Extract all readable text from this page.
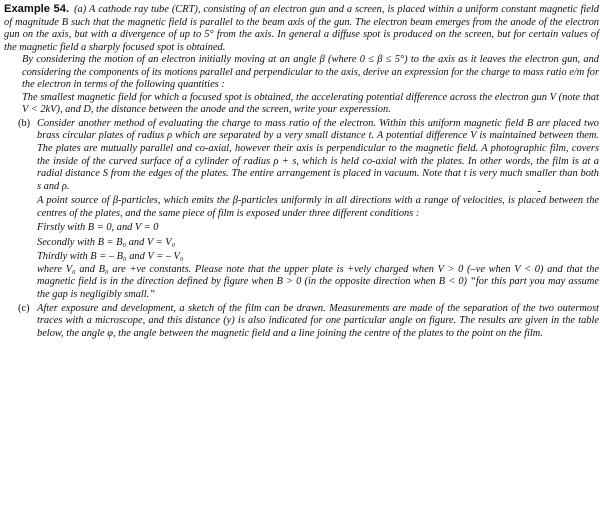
Example 54. (a) A cathode ray tube (CRT), consisting of an electron gun and a screen, is placed within a uniform constant magnetic field of magnitude B such that the magnetic field is parallel to the beam axis of the gun. The electron beam emerges from the anode of the electron gun on the axis, but with a divergence of up to 5° from the axis. In general a diffuse spot is produced on the screen, but for certain values of the magnetic field a sharply focused spot is obtained.

By considering the motion of an electron initially moving at an angle β (where 0 ≤ β ≤ 5°) to the axis as it leaves the electron gun, and considering the components of its motions parallel and perpendicular to the axis, derive an expression for the charge to mass ratio e/m for the electron in terms of the following quantities :

The smallest magnetic field for which a focused spot is obtained, the accelerating potential difference across the electron gun V (note that V < 2kV), and D, the distance between the anode and the screen, write your experession.

-
(b) Consider another method of evaluating the charge to mass ratio of the electron. Within this uniform magnetic field B are placed two brass circular plates of radius ρ which are separated by a very small distance t. A potential difference V is maintained between them. The plates are mutually parallel and co-axial, however their axis is perpendicular to the magnetic field. A photographic film, covers the inside of the curved surface of a cylinder of radius ρ + s, which is held co-axial with the plates. In other words, the film is at a radial distance S from the edges of the plates. The entire arrangement is placed in vacuum. Note that t is very much smaller than both s and ρ.

A point source of β-particles, which emits the β-particles uniformly in all directions with a range of velocities, is placed between the centres of the plates, and the same piece of film is exposed under three different conditions :

Firstly with B = 0, and V = 0

Secondly with B = B₀ and V = V₀

Thirdly with B = – B₀ and V = – V₀

where V₀ and B₀ are +ve constants. Please note that the upper plate is +vely charged when V > 0 (–ve when V < 0) and that the magnetic field is in the direction defined by figure when B > 0 (in the opposite direction when B < 0) “for this part you may assume the gap is negligibly small.”

(c) After exposure and development, a sketch of the film can be drawn. Measurements are made of the separation of the two outermost traces with a microscope, and this distance (y) is also indicated for one particular angle on figure. The results are given in the table below, the angle φ, the angle between the magnetic field and a line joining the centre of the plates to the point on the film.
